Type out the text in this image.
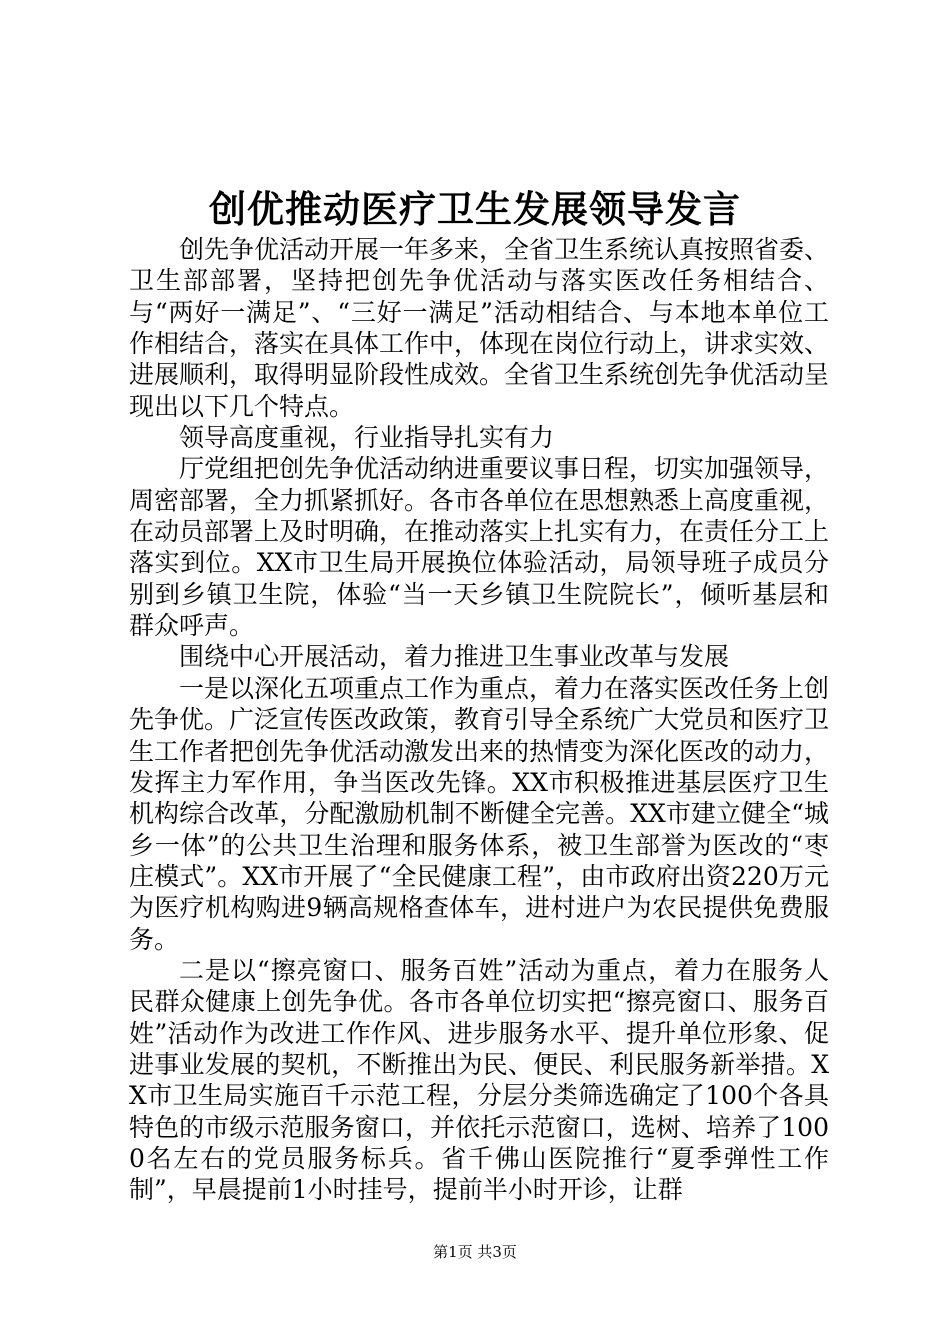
创优推动医疗卫生发展领导发言

创先争优活动开展一年多来，全省卫生系统认真按照省委、卫生部部署，坚持把创先争优活动与落实医改任务相结合、与“两好一满足”、“三好一满足”活动相结合、与本地本单位工作相结合，落实在具体工作中，体现在岗位行动上，讲求实效、进展顺利，取得明显阶段性成效。全省卫生系统创先争优活动呈现出以下几个特点。

领导高度重视，行业指导扎实有力

厅党组把创先争优活动纳进重要议事日程，切实加强领导，周密部署，全力抓紧抓好。各市各单位在思想熟悉上高度重视，在动员部署上及时明确，在推动落实上扎实有力，在责任分工上落实到位。XX市卫生局开展换位体验活动，局领导班子成员分别到乡镇卫生院，体验“当一天乡镇卫生院院长”，倾听基层和群众呼声。

围绕中心开展活动，着力推进卫生事业改革与发展

一是以深化五项重点工作为重点，着力在落实医改任务上创先争优。广泛宣传医改政策，教育引导全系统广大党员和医疗卫生工作者把创先争优活动激发出来的热情变为深化医改的动力，发挥主力军作用，争当医改先锋。XX市积极推进基层医疗卫生机构综合改革，分配激励机制不断健全完善。XX市建立健全“城乡一体”的公共卫生治理和服务体系，被卫生部誉为医改的“枣庄模式”。XX市开展了“全民健康工程”，由市政府出资220万元为医疗机构购进9辆高规格查体车，进村进户为农民提供免费服务。

二是以“擦亮窗口、服务百姓”活动为重点，着力在服务人民群众健康上创先争优。各市各单位切实把“擦亮窗口、服务百姓”活动作为改进工作作风、进步服务水平、提升单位形象、促进事业发展的契机，不断推出为民、便民、利民服务新举措。XX市卫生局实施百千示范工程，分层分类筛选确定了100个各具特色的市级示范服务窗口，并依托示范窗口，选树、培养了1000名左右的党员服务标兵。省千佛山医院推行“夏季弹性工作制”，早晨提前1小时挂号，提前半小时开诊，让群

第1页 共3页
